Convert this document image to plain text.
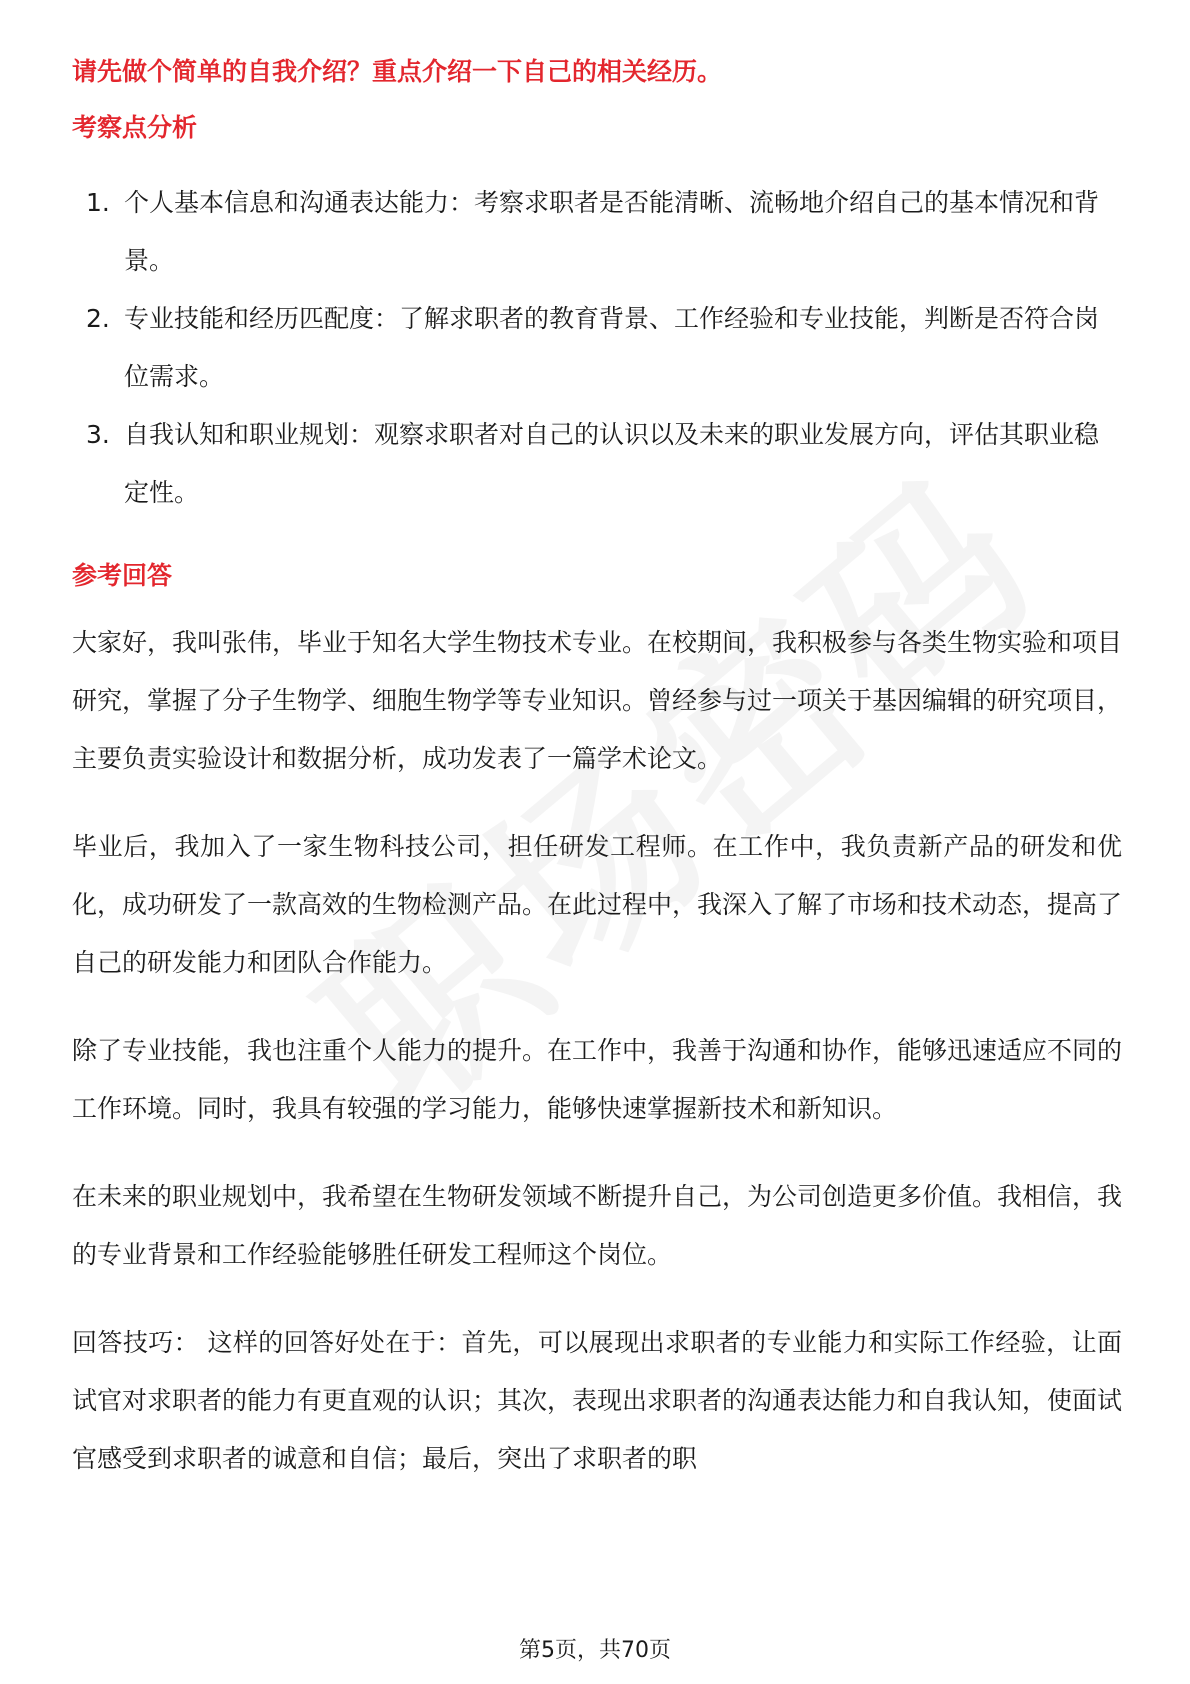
请先做个简单的自我介绍？重点介绍一下自己的相关经历。
考察点分析
1. 个人基本信息和沟通表达能力：考察求职者是否能清晰、流畅地介绍自己的基本情况和背景。
2. 专业技能和经历匹配度：了解求职者的教育背景、工作经验和专业技能，判断是否符合岗位需求。
3. 自我认知和职业规划：观察求职者对自己的认识以及未来的职业发展方向，评估其职业稳定性。
参考回答

大家好，我叫张伟，毕业于知名大学生物技术专业。在校期间，我积极参与各类生物实验和项目研究，掌握了分子生物学、细胞生物学等专业知识。曾经参与过一项关于基因编辑的研究项目，主要负责实验设计和数据分析，成功发表了一篇学术论文。

毕业后，我加入了一家生物科技公司，担任研发工程师。在工作中，我负责新产品的研发和优化，成功研发了一款高效的生物检测产品。在此过程中，我深入了解了市场和技术动态，提高了自己的研发能力和团队合作能力。

除了专业技能，我也注重个人能力的提升。在工作中，我善于沟通和协作，能够迅速适应不同的工作环境。同时，我具有较强的学习能力，能够快速掌握新技术和新知识。

在未来的职业规划中，我希望在生物研发领域不断提升自己，为公司创造更多价值。我相信，我的专业背景和工作经验能够胜任研发工程师这个岗位。

回答技巧： 这样的回答好处在于：首先，可以展现出求职者的专业能力和实际工作经验，让面试官对求职者的能力有更直观的认识；其次，表现出求职者的沟通表达能力和自我认知，使面试官感受到求职者的诚意和自信；最后，突出了求职者的职

第5页，共70页
